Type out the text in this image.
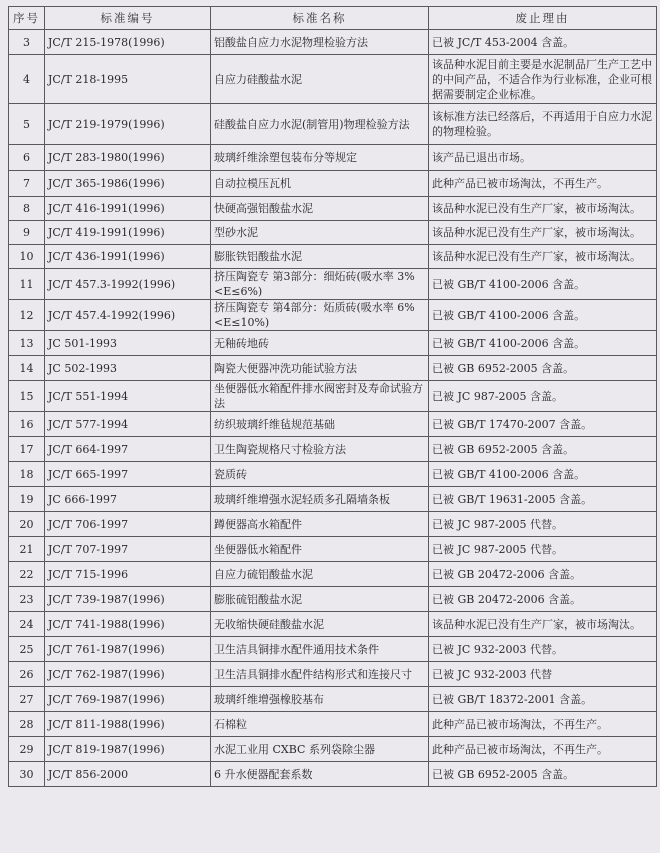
序号	标准编号	标准名称	废止理由
3	JC/T 215-1978(1996)	铝酸盐自应力水泥物理检验方法	已被 JC/T 453-2004 含盖。
4	JC/T 218-1995	自应力硅酸盐水泥	该品种水泥目前主要是水泥制品厂生产工艺中的中间产品，不适合作为行业标准，企业可根据需要制定企业标准。
5	JC/T 219-1979(1996)	硅酸盐自应力水泥(制管用)物理检验方法	该标准方法已经落后，不再适用于自应力水泥的物理检验。
6	JC/T 283-1980(1996)	玻璃纤维涂塑包装布分等规定	该产品已退出市场。
7	JC/T 365-1986(1996)	自动拉模压瓦机	此种产品已被市场淘汰，不再生产。
8	JC/T 416-1991(1996)	快硬高强铝酸盐水泥	该品种水泥已没有生产厂家，被市场淘汰。
9	JC/T 419-1991(1996)	型砂水泥	该品种水泥已没有生产厂家，被市场淘汰。
10	JC/T 436-1991(1996)	膨胀铁铝酸盐水泥	该品种水泥已没有生产厂家，被市场淘汰。
11	JC/T 457.3-1992(1996)	挤压陶瓷专 第3部分：细炻砖(吸水率 3%<E≤6%)	已被 GB/T 4100-2006 含盖。
12	JC/T 457.4-1992(1996)	挤压陶瓷专 第4部分：炻质砖(吸水率 6%<E≤10%)	已被 GB/T 4100-2006 含盖。
13	JC 501-1993	无釉砖地砖	已被 GB/T 4100-2006 含盖。
14	JC 502-1993	陶瓷大便器冲洗功能试验方法	已被 GB 6952-2005 含盖。
15	JC/T 551-1994	坐便器低水箱配件排水阀密封及寿命试验方法	已被 JC 987-2005 含盖。
16	JC/T 577-1994	纺织玻璃纤维毡规范基础	已被 GB/T 17470-2007 含盖。
17	JC/T 664-1997	卫生陶瓷规格尺寸检验方法	已被 GB 6952-2005 含盖。
18	JC/T 665-1997	瓷质砖	已被 GB/T 4100-2006 含盖。
19	JC 666-1997	玻璃纤维增强水泥轻质多孔隔墙条板	已被 GB/T 19631-2005 含盖。
20	JC/T 706-1997	蹲便器高水箱配件	已被 JC 987-2005 代替。
21	JC/T 707-1997	坐便器低水箱配件	已被 JC 987-2005 代替。
22	JC/T 715-1996	自应力硫铝酸盐水泥	已被 GB 20472-2006 含盖。
23	JC/T 739-1987(1996)	膨胀硫铝酸盐水泥	已被 GB 20472-2006 含盖。
24	JC/T 741-1988(1996)	无收缩快硬硅酸盐水泥	该品种水泥已没有生产厂家，被市场淘汰。
25	JC/T 761-1987(1996)	卫生洁具铜排水配件通用技术条件	已被 JC 932-2003 代替。
26	JC/T 762-1987(1996)	卫生洁具铜排水配件结构形式和连接尺寸	已被 JC 932-2003 代替
27	JC/T 769-1987(1996)	玻璃纤维增强橡胶基布	已被 GB/T 18372-2001 含盖。
28	JC/T 811-1988(1996)	石棉粒	此种产品已被市场淘汰，不再生产。
29	JC/T 819-1987(1996)	水泥工业用 CXBC 系列袋除尘器	此种产品已被市场淘汰，不再生产。
30	JC/T 856-2000	6 升水便器配套系数	已被 GB 6952-2005 含盖。
